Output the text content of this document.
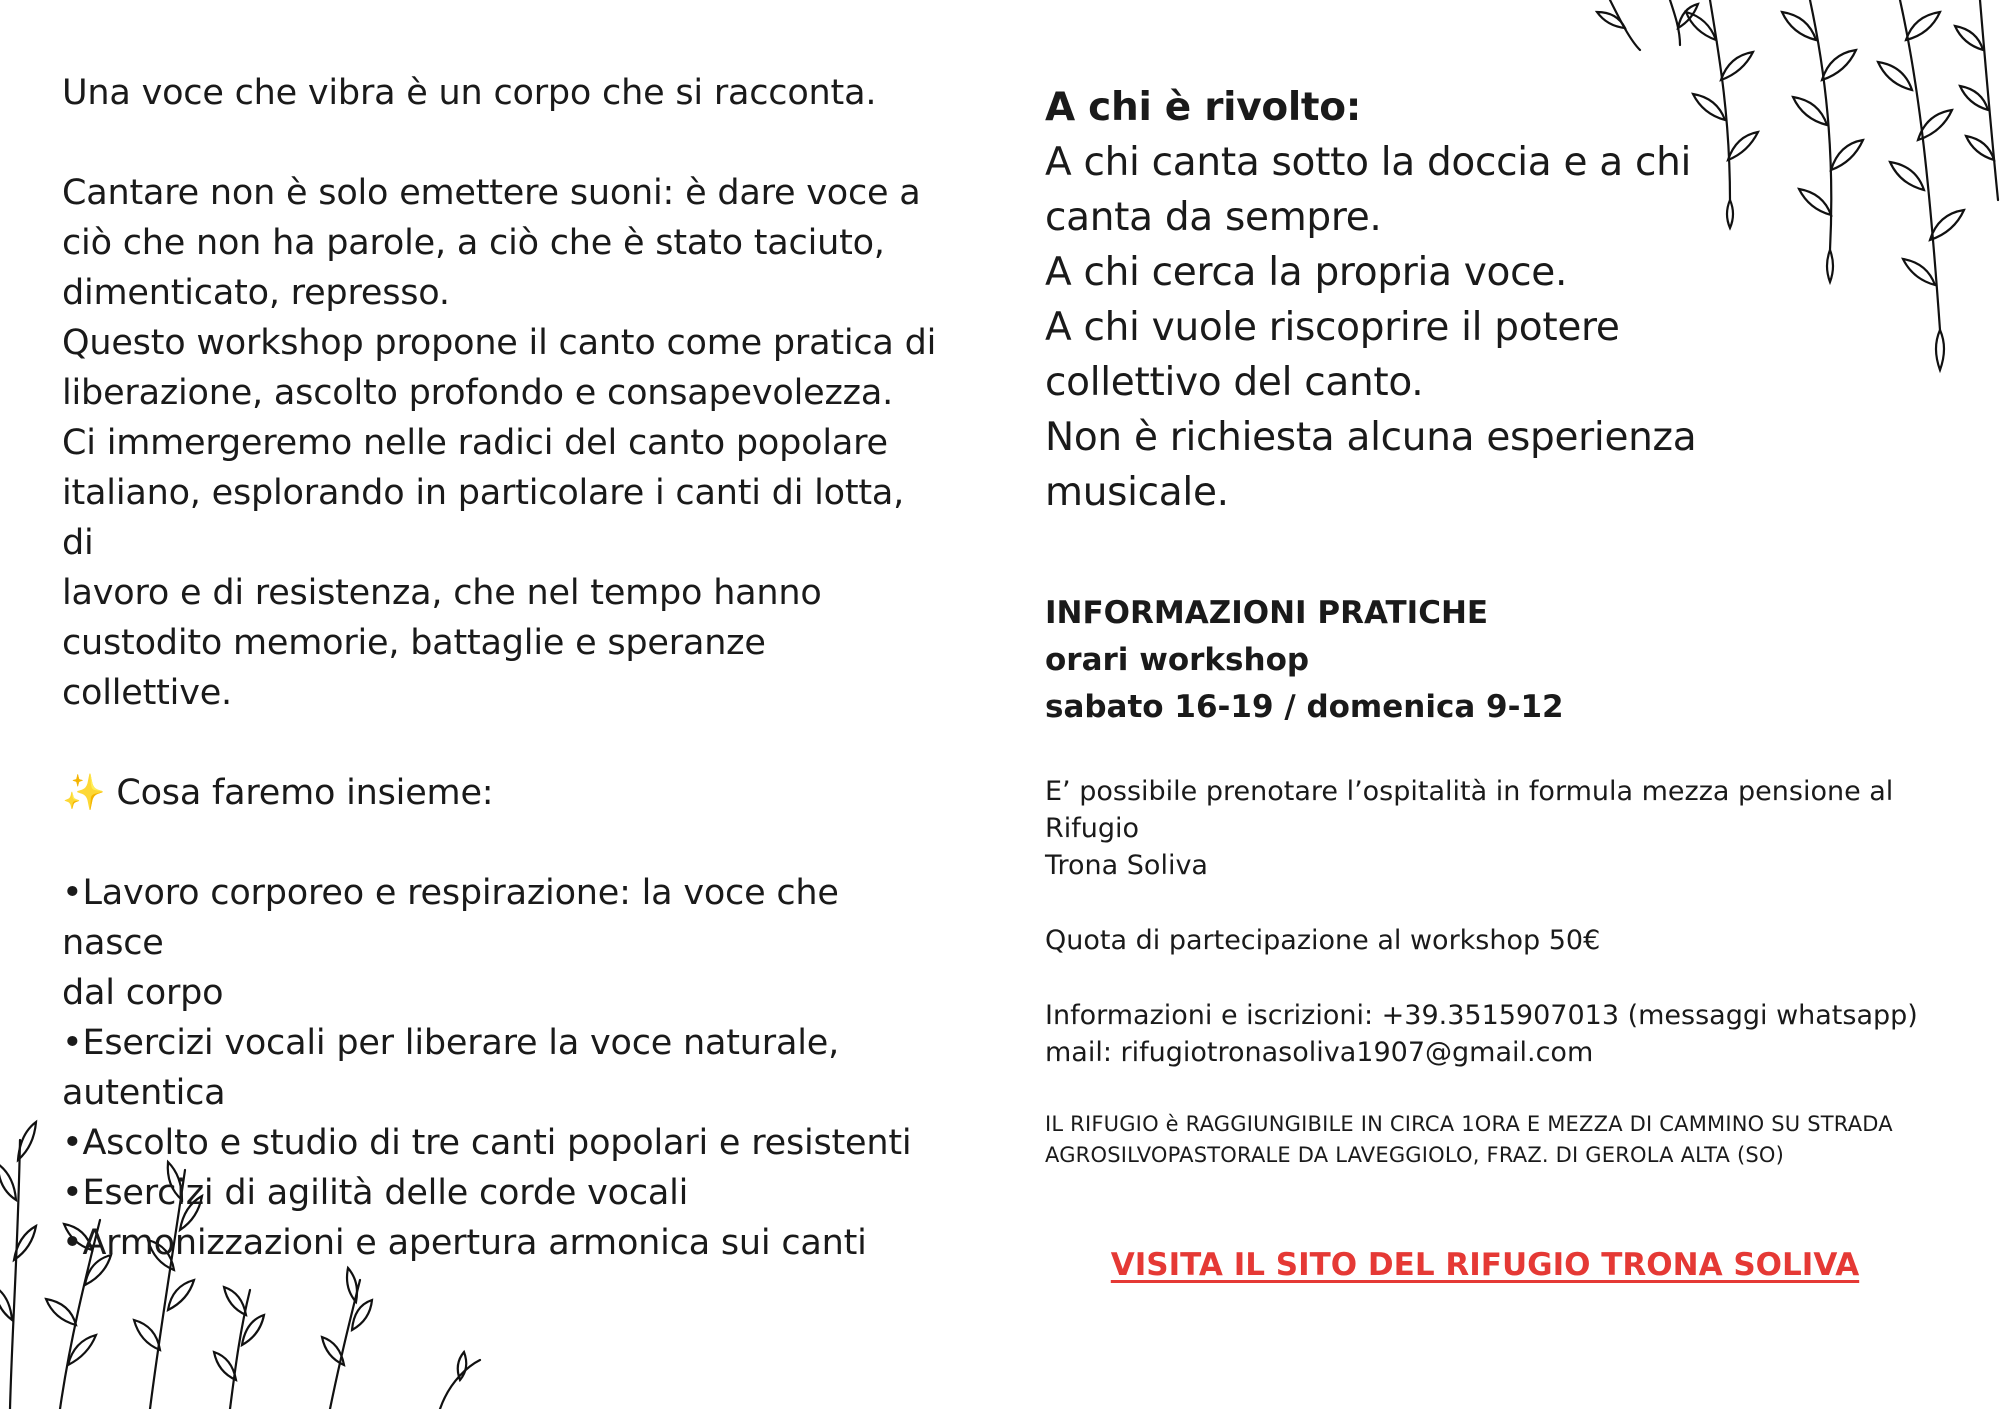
Una voce che vibra è un corpo che si racconta.

Cantare non è solo emettere suoni: è dare voce a

ciò che non ha parole, a ciò che è stato taciuto,

dimenticato, represso.

Questo workshop propone il canto come pratica di

liberazione, ascolto profondo e consapevolezza.

Ci immergeremo nelle radici del canto popolare

italiano, esplorando in particolare i canti di lotta, di

lavoro e di resistenza, che nel tempo hanno

custodito memorie, battaglie e speranze collettive.

✨ Cosa faremo insieme:

•Lavoro corporeo e respirazione: la voce che nasce

dal corpo

•Esercizi vocali per liberare la voce naturale,

autentica

•Ascolto e studio di tre canti popolari e resistenti

•Esercizi di agilità delle corde vocali

•Armonizzazioni e apertura armonica sui canti

A chi è rivolto:

A chi canta sotto la doccia e a chi

canta da sempre.

A chi cerca la propria voce.

A chi vuole riscoprire il potere

collettivo del canto.

Non è richiesta alcuna esperienza

musicale.

INFORMAZIONI PRATICHE
orari workshop
sabato 16-19 / domenica 9-12

E’ possibile prenotare l’ospitalità in formula mezza pensione al Rifugio

Trona Soliva

Quota di partecipazione al workshop 50€

Informazioni e iscrizioni: +39.3515907013 (messaggi whatsapp)

mail: rifugiotronasoliva1907@gmail.com

IL RIFUGIO è RAGGIUNGIBILE IN CIRCA 1ORA E MEZZA DI CAMMINO SU STRADA

AGROSILVOPASTORALE DA LAVEGGIOLO, FRAZ. DI GEROLA ALTA (SO)

VISITA IL SITO DEL RIFUGIO TRONA SOLIVA
